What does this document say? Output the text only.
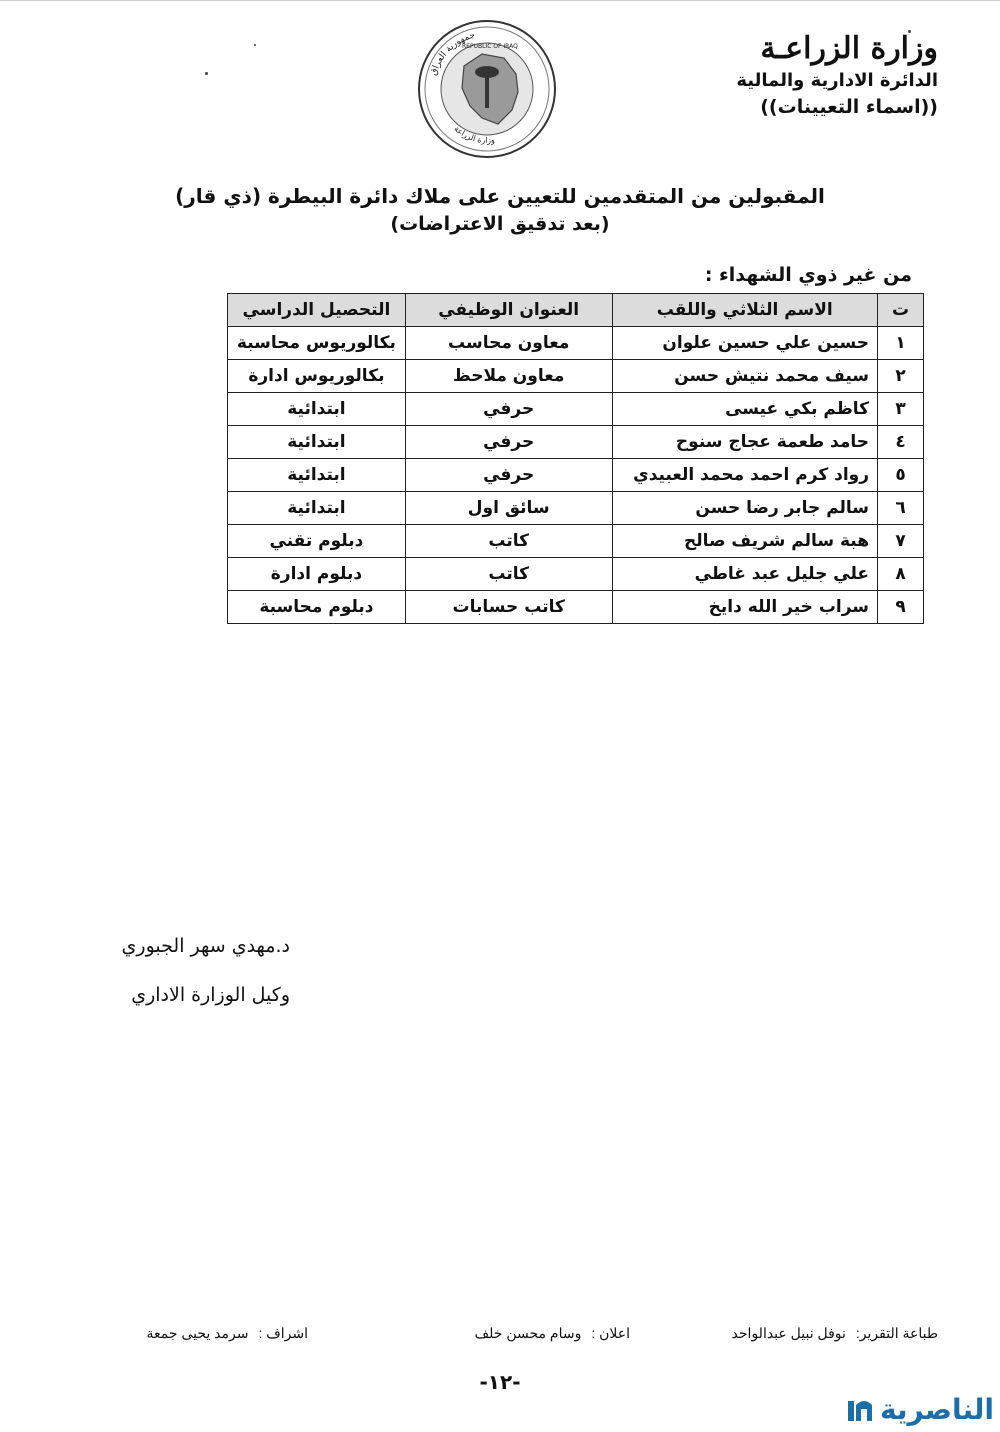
وزارة الزراعـة
الدائرة الادارية والمالية
((اسماء التعيينات))
جمهورية العراق
REPUBLIC OF IRAQ
وزارة الزراعة
المقبولين من المتقدمين للتعيين على ملاك دائرة البيطرة (ذي قار)
(بعد تدقيق الاعتراضات)
من غير ذوي الشهداء :
ت	الاسم الثلاثي واللقب	العنوان الوظيفي	التحصيل الدراسي
١	حسين علي حسين علوان	معاون محاسب	بكالوريوس محاسبة
٢	سيف محمد نتيش حسن	معاون ملاحظ	بكالوريوس ادارة
٣	كاظم بكي عيسى	حرفي	ابتدائية
٤	حامد طعمة عجاج سنوح	حرفي	ابتدائية
٥	رواد كرم احمد محمد العبيدي	حرفي	ابتدائية
٦	سالم جابر رضا حسن	سائق اول	ابتدائية
٧	هبة سالم شريف صالح	كاتب	دبلوم تقني
٨	علي جليل عبد غاطي	كاتب	دبلوم ادارة
٩	سراب خير الله دايخ	كاتب حسابات	دبلوم محاسبة
د.مهدي سهر الجبوري
وكيل الوزارة الاداري
طباعة التقرير:نوفل نبيل عبدالواحد
اعلان :وسام محسن خلف
اشراف :سرمد يحيى جمعة
-١٢-
الناصرية
